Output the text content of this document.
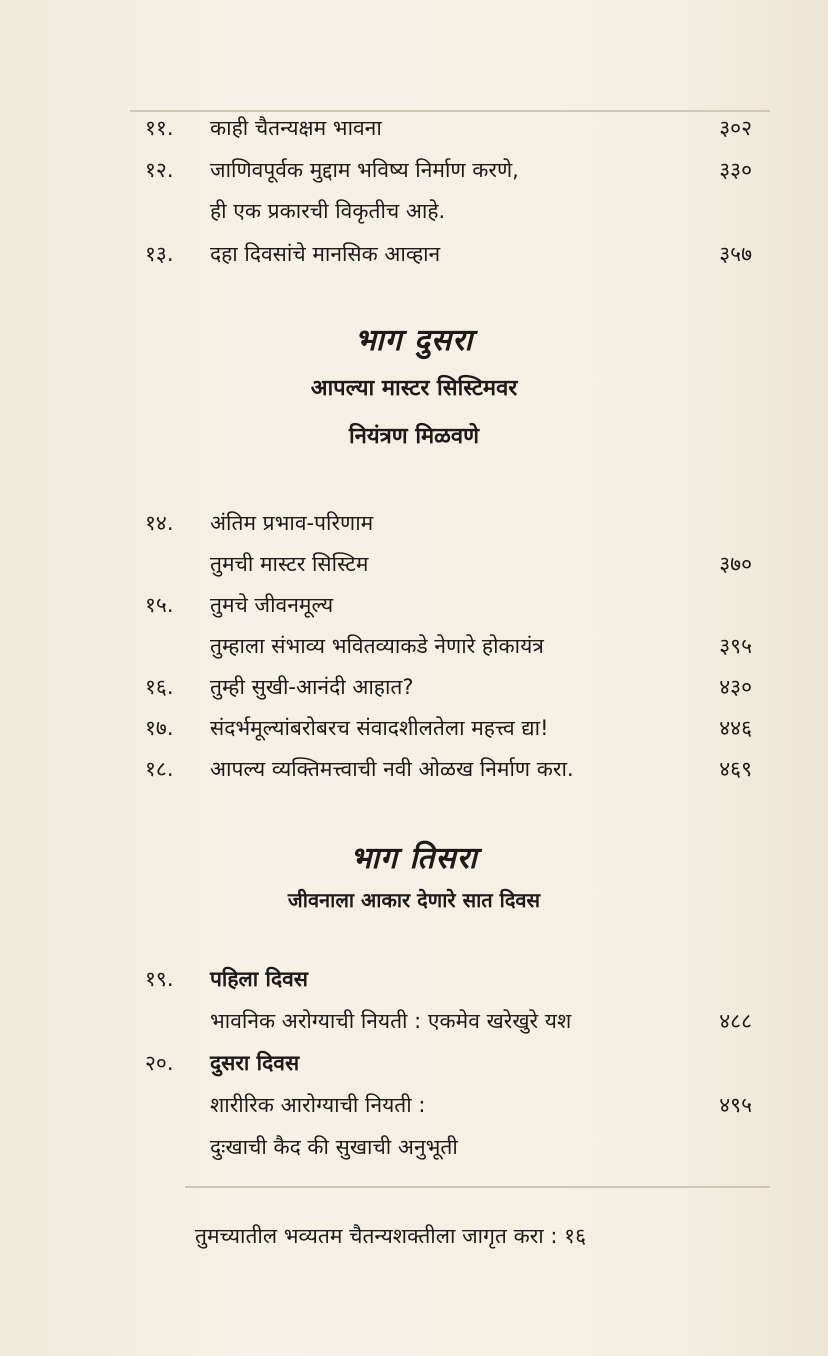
११. काही चैतन्यक्षम भावना	३०२
१२. जाणिवपूर्वक मुद्दाम भविष्य निर्माण करणे,	३३०
ही एक प्रकारची विकृतीच आहे.
१३. दहा दिवसांचे मानसिक आव्हान	३५७
भाग दुसरा
आपल्या मास्टर सिस्टिमवर
नियंत्रण मिळवणे
१४. अंतिम प्रभाव-परिणाम
तुमची मास्टर सिस्टिम	३७०
१५. तुमचे जीवनमूल्य
तुम्हाला संभाव्य भवितव्याकडे नेणारे होकायंत्र	३९५
१६. तुम्ही सुखी-आनंदी आहात?	४३०
१७. संदर्भमूल्यांबरोबरच संवादशीलतेला महत्त्व द्या!	४४६
१८. आपल्य व्यक्तिमत्त्वाची नवी ओळख निर्माण करा.	४६९
भाग तिसरा
जीवनाला आकार देणारे सात दिवस
१९. पहिला दिवस
भावनिक अरोग्याची नियती : एकमेव खरेखुरे यश	४८८
२०. दुसरा दिवस
शारीरिक आरोग्याची नियती :	४९५
दुःखाची कैद की सुखाची अनुभूती
तुमच्यातील भव्यतम चैतन्यशक्तीला जागृत करा : १६
